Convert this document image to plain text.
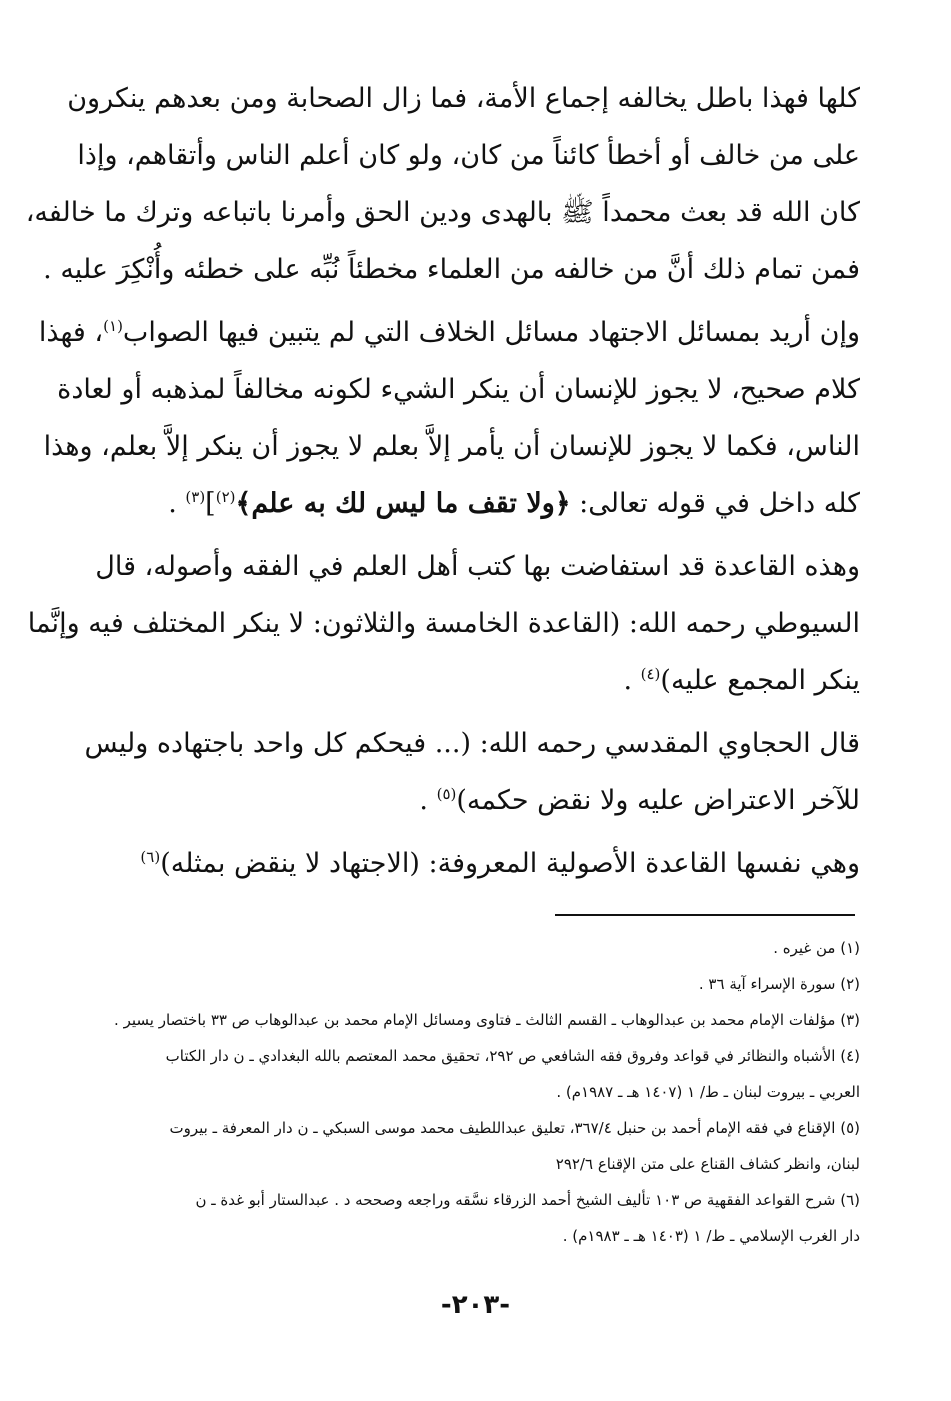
كلها فهذا باطل يخالفه إجماع الأمة، فما زال الصحابة ومن بعدهم ينكرون
على من خالف أو أخطأ كائناً من كان، ولو كان أعلم الناس وأتقاهم، وإذا
كان الله قد بعث محمداً ﷺ بالهدى ودين الحق وأمرنا باتباعه وترك ما خالفه،
فمن تمام ذلك أنَّ من خالفه من العلماء مخطئاً نُبِّه على خطئه وأُنْكِرَ عليه .
وإن أريد بمسائل الاجتهاد مسائل الخلاف التي لم يتبين فيها الصواب$^{(١)}$، فهذا
كلام صحيح، لا يجوز للإنسان أن ينكر الشيء لكونه مخالفاً لمذهبه أو لعادة
الناس، فكما لا يجوز للإنسان أن يأمر إلاَّ بعلم لا يجوز أن ينكر إلاَّ بعلم، وهذا
كله داخل في قوله تعالى: ﴿ولا تقف ما ليس لك به علم﴾$^{(٢)}$]$^{(٣)}$ .
وهذه القاعدة قد استفاضت بها كتب أهل العلم في الفقه وأصوله، قال
السيوطي رحمه الله: (القاعدة الخامسة والثلاثون: لا ينكر المختلف فيه وإنَّما
ينكر المجمع عليه)$^{(٤)}$ .
قال الحجاوي المقدسي رحمه الله: (... فيحكم كل واحد باجتهاده وليس
للآخر الاعتراض عليه ولا نقض حكمه)$^{(٥)}$ .
وهي نفسها القاعدة الأصولية المعروفة: (الاجتهاد لا ينقض بمثله)$^{(٦)}$
(١) من غيره .
(٢) سورة الإسراء آية ٣٦ .
(٣) مؤلفات الإمام محمد بن عبدالوهاب ـ القسم الثالث ـ فتاوى ومسائل الإمام محمد بن عبدالوهاب ص ٣٣ باختصار يسير .
(٤) الأشباه والنظائر في قواعد وفروق فقه الشافعي ص ٢٩٢، تحقيق محمد المعتصم بالله البغدادي ـ ن دار الكتاب
العربي ـ بيروت لبنان ـ ط/ ١ (١٤٠٧ هـ ـ ١٩٨٧م) .
(٥) الإقناع في فقه الإمام أحمد بن حنبل ٣٦٧/٤، تعليق عبداللطيف محمد موسى السبكي ـ ن دار المعرفة ـ بيروت
لبنان، وانظر كشاف القناع على متن الإقناع ٢٩٢/٦
(٦) شرح القواعد الفقهية ص ١٠٣ تأليف الشيخ أحمد الزرقاء نسَّقه وراجعه وصححه د . عبدالستار أبو غدة ـ ن
دار الغرب الإسلامي ـ ط/ ١ (١٤٠٣ هـ ـ ١٩٨٣م) .
-٢٠٣-
